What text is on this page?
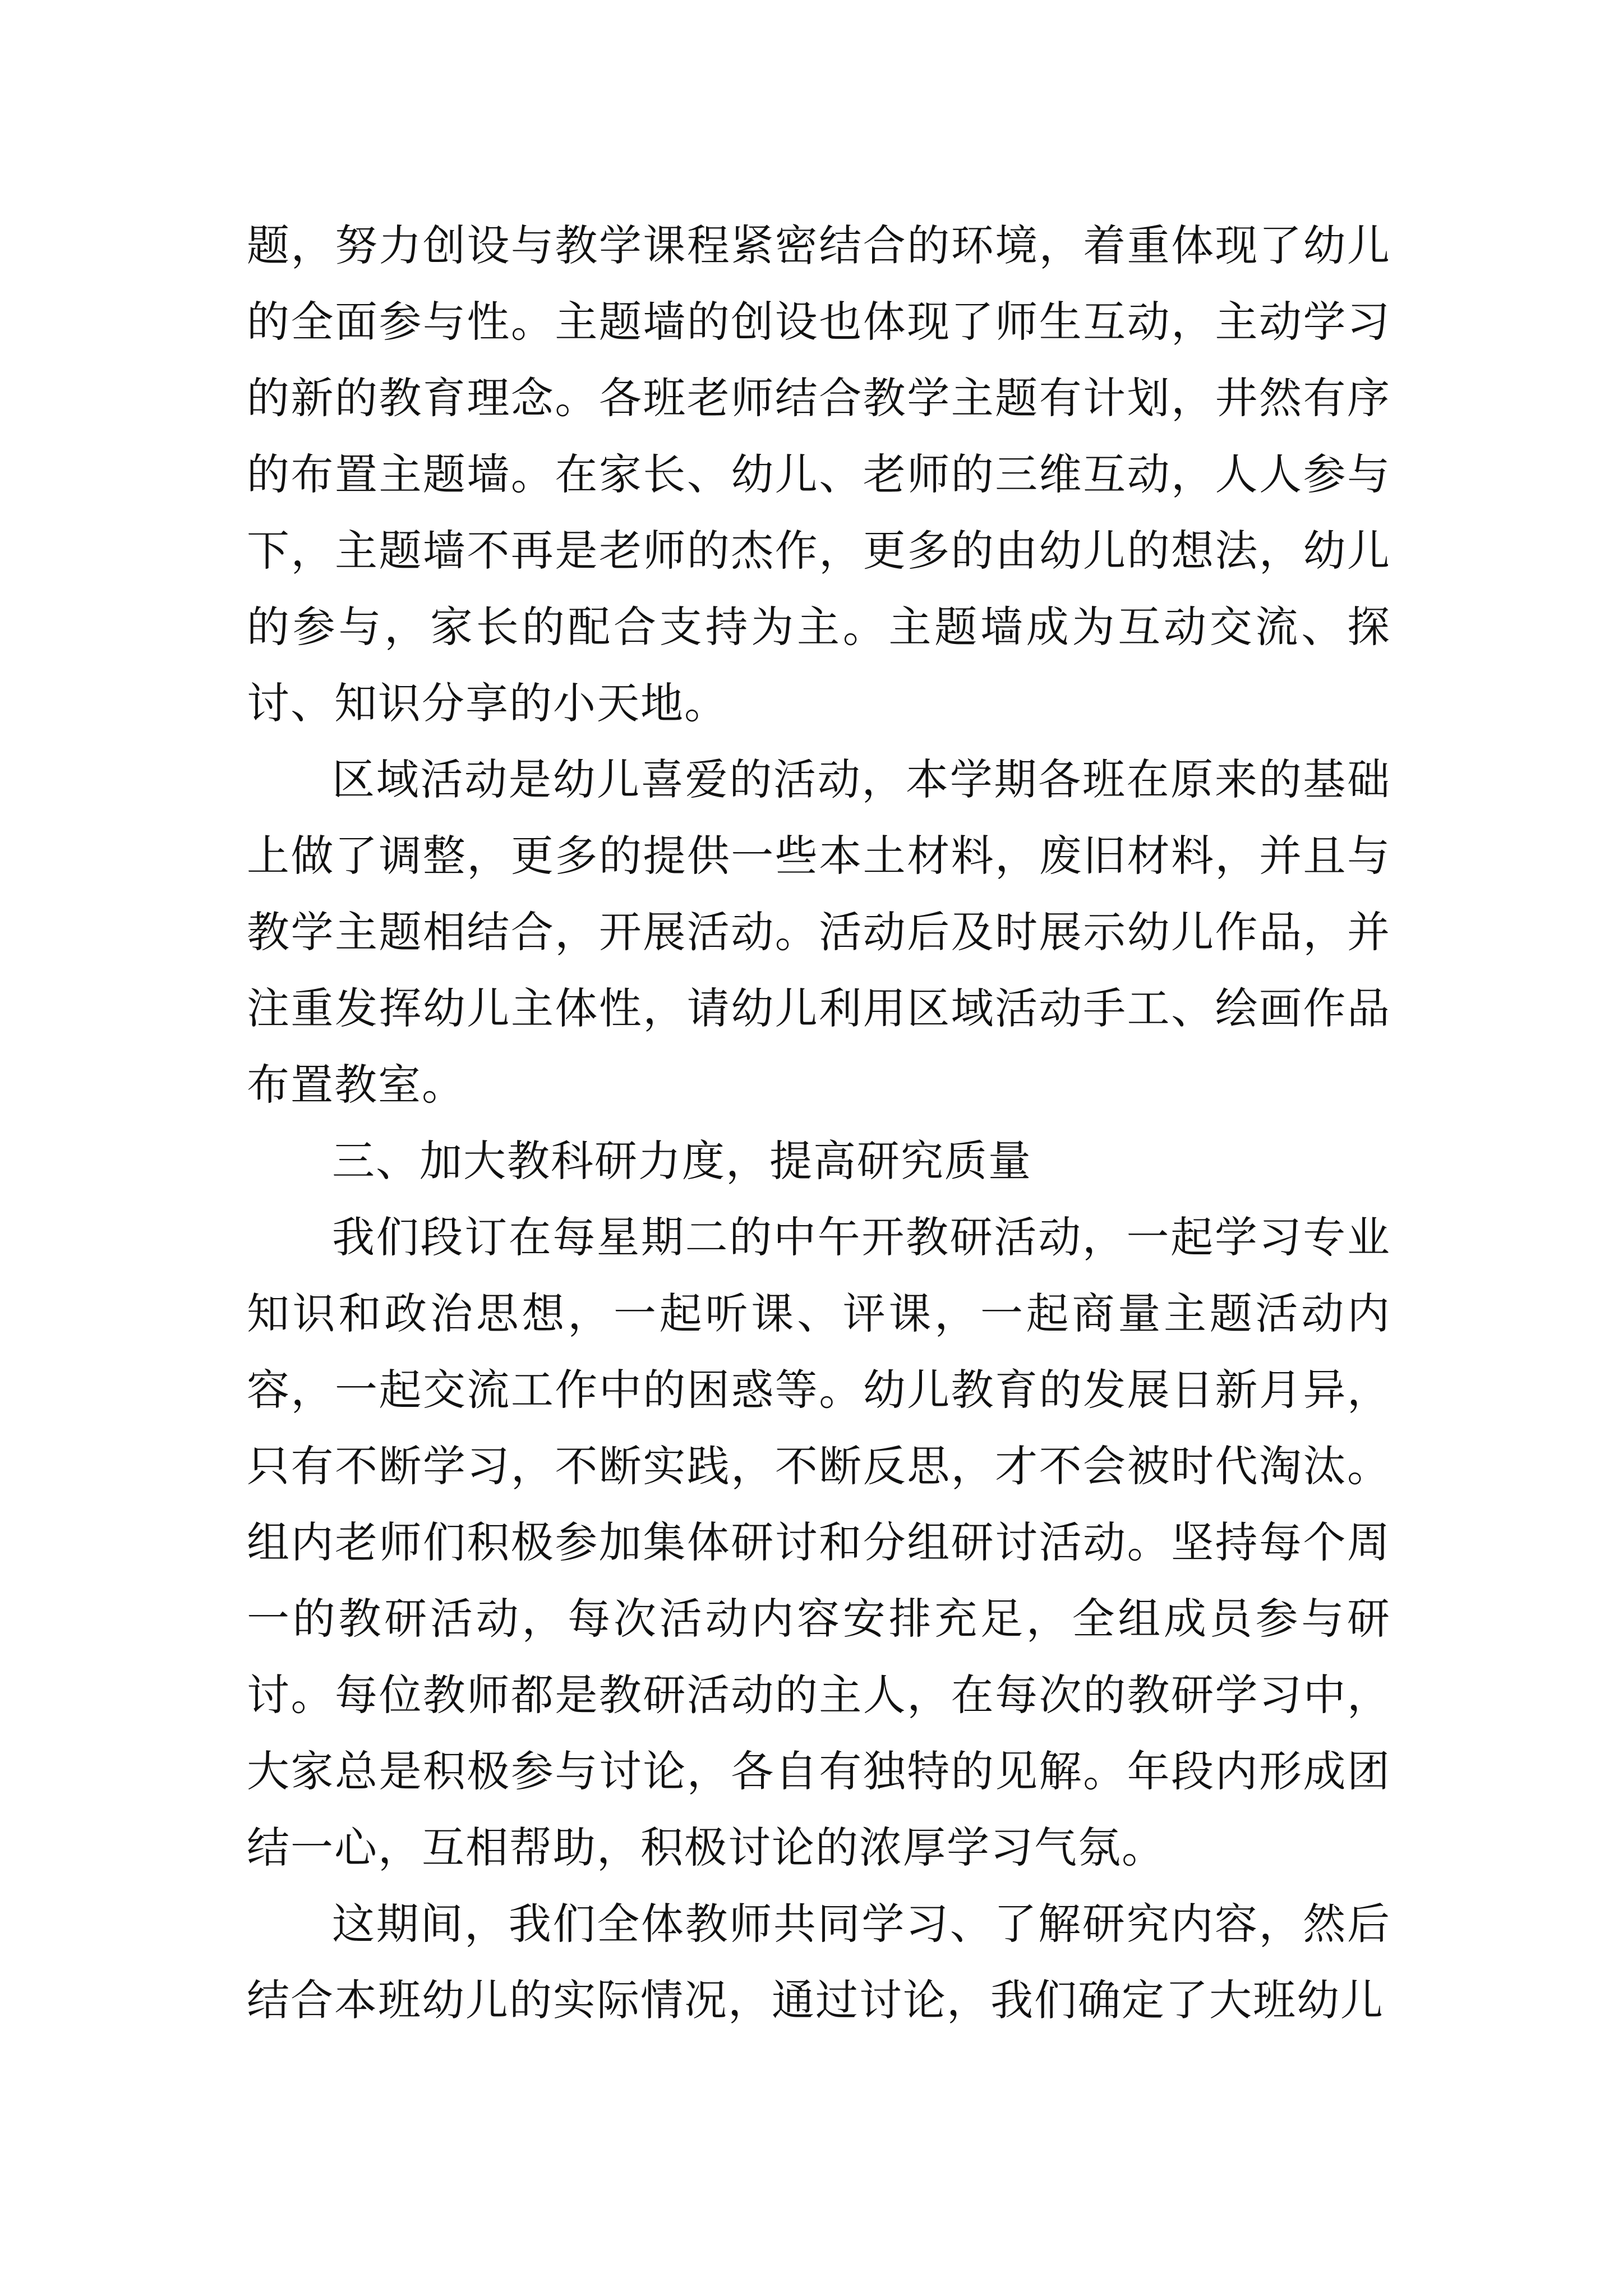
题，努力创设与教学课程紧密结合的环境，着重体现了幼儿的全面参与性。主题墙的创设也体现了师生互动，主动学习的新的教育理念。各班老师结合教学主题有计划，井然有序的布置主题墙。在家长、幼儿、老师的三维互动，人人参与下，主题墙不再是老师的杰作，更多的由幼儿的想法，幼儿的参与，家长的配合支持为主。主题墙成为互动交流、探讨、知识分享的小天地。

区域活动是幼儿喜爱的活动，本学期各班在原来的基础上做了调整，更多的提供一些本土材料，废旧材料，并且与教学主题相结合，开展活动。活动后及时展示幼儿作品，并注重发挥幼儿主体性，请幼儿利用区域活动手工、绘画作品布置教室。

三、加大教科研力度，提高研究质量

我们段订在每星期二的中午开教研活动，一起学习专业知识和政治思想，一起听课、评课，一起商量主题活动内容，一起交流工作中的困惑等。幼儿教育的发展日新月异，只有不断学习，不断实践，不断反思，才不会被时代淘汰。组内老师们积极参加集体研讨和分组研讨活动。坚持每个周一的教研活动，每次活动内容安排充足，全组成员参与研讨。每位教师都是教研活动的主人，在每次的教研学习中，大家总是积极参与讨论，各自有独特的见解。年段内形成团结一心，互相帮助，积极讨论的浓厚学习气氛。

这期间，我们全体教师共同学习、了解研究内容，然后结合本班幼儿的实际情况，通过讨论，我们确定了大班幼儿
